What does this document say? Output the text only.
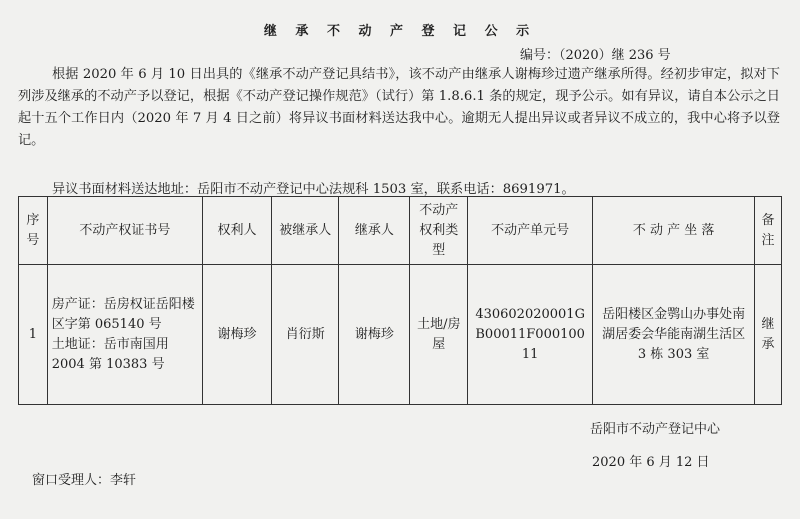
继 承 不 动 产 登 记 公 示
编号：（2020）继 236 号

根据 2020 年 6 月 10 日出具的《继承不动产登记具结书》，该不动产由继承人谢梅珍过遗产继承所得。经初步审定，拟对下列涉及继承的不动产予以登记，根据《不动产登记操作规范》（试行）第 1.8.6.1 条的规定，现予公示。如有异议，请自本公示之日起十五个工作日内（2020 年 7 月 4 日之前）将异议书面材料送达我中心。逾期无人提出异议或者异议不成立的，我中心将予以登记。

异议书面材料送达地址：岳阳市不动产登记中心法规科 1503 室，联系电话：8691971。
序号	不动产权证书号	权利人	被继承人	继承人	不动产权利类型	不动产单元号	不 动 产 坐 落	备注
1	房产证：岳房权证岳阳楼区字第 065140 号
土地证：岳市南国用 2004 第 10383 号	谢梅珍	肖衍斯	谢梅珍	土地/房屋	430602020001GB00011F00010011	岳阳楼区金鹗山办事处南湖居委会华能南湖生活区 3 栋 303 室	继承
岳阳市不动产登记中心
2020 年 6 月 12 日
窗口受理人：李轩
